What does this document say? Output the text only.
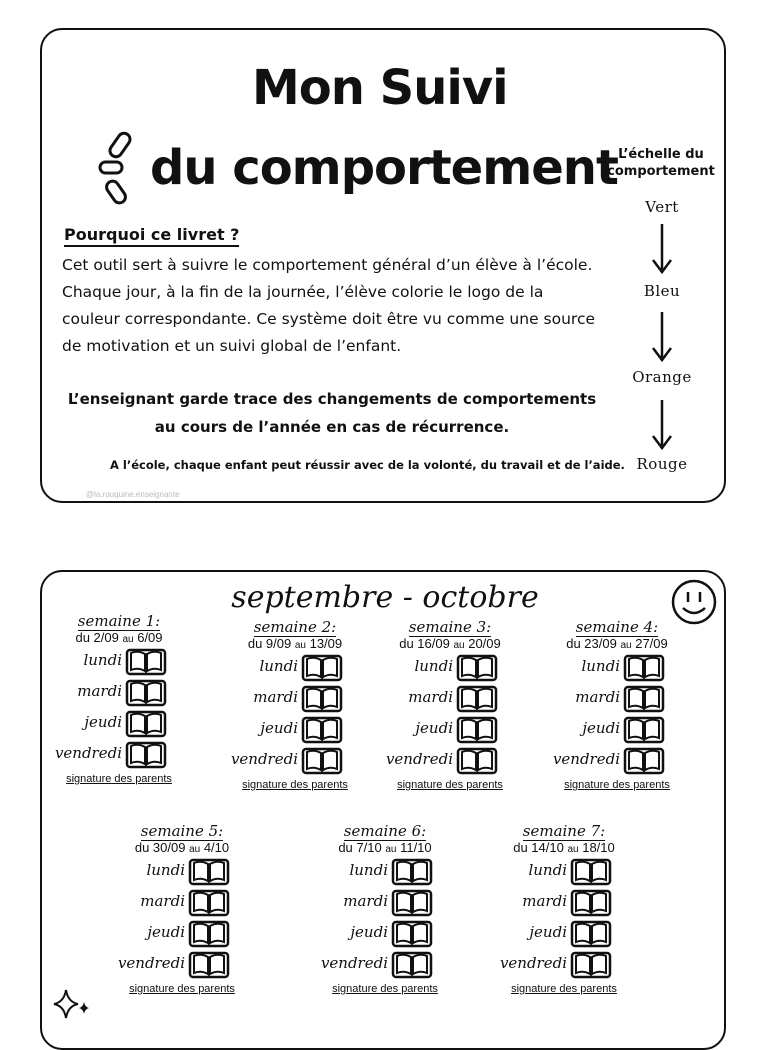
Mon Suivi
du comportement
Pourquoi ce livret ?
Cet outil sert à suivre le comportement général d’un élève à l’école. Chaque jour, à la fin de la journée, l’élève colorie le logo de la couleur correspondante. Ce système doit être vu comme une source de motivation et un suivi global de l’enfant.
L’enseignant garde trace des changements de comportements au cours de l’année en cas de récurrence.
A l’école, chaque enfant peut réussir avec de la volonté, du travail et de l’aide.
@la.rouquine.enseignante
L’échelle du comportement
Vert
Bleu
Orange
Rouge
septembre - octobre
semaine 1:
du 2/09 au 6/09
lundi
mardi
jeudi
vendredi
signature des parents
semaine 2:
du 9/09 au 13/09
lundi
mardi
jeudi
vendredi
signature des parents
semaine 3:
du 16/09 au 20/09
lundi
mardi
jeudi
vendredi
signature des parents
semaine 4:
du 23/09 au 27/09
lundi
mardi
jeudi
vendredi
signature des parents
semaine 5:
du 30/09 au 4/10
lundi
mardi
jeudi
vendredi
signature des parents
semaine 6:
du 7/10 au 11/10
lundi
mardi
jeudi
vendredi
signature des parents
semaine 7:
du 14/10 au 18/10
lundi
mardi
jeudi
vendredi
signature des parents
